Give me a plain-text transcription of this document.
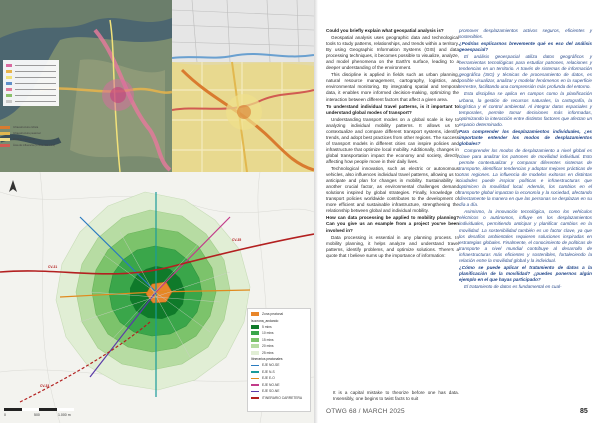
Infraestructura ciclista
Infraestructura peatonal
Zona de transporte
Área de influencia (5 mins / 10 mins)
CV-31
CV-35
CV-33
Zona peatonal
Isocrona_andando
5 mins
10 mins
15 mins
20 mins
25 mins
Itinerarios peatonales
EJE NO-SE
EJE N-S
EJE E-O
EJE NO-NE
EJE SO-NE
ITINERARIO CARRETERA
0	500	1.000 m

Could you briefly explain what geospatial analysis is?

Geospatial analysis uses geographic data and technological tools to study patterns, relationships, and trends within a territory. By using Geographic Information Systems (GIS) and data processing techniques, it becomes possible to visualize, analyze, and model phenomena on the Earth's surface, leading to a deeper understanding of the environment.

This discipline is applied in fields such as urban planning, natural resource management, cartography, logistics, and environmental monitoring. By integrating spatial and temporal data, it enables more informed decision-making, optimizing the interaction between different factors that affect a given area.

To understand individual travel patterns, is it important to understand global modes of transport?

Understanding transport modes on a global scale is key to analyzing individual mobility patterns. It allows us to contextualize and compare different transport systems, identify trends, and adopt best practices from other regions. The success of transport models in different cities can inspire policies and infrastructure that optimize local mobility. Additionally, changes in global transportation impact the economy and society, directly affecting how people move in their daily lives.

Technological innovation, such as electric or autonomous vehicles, also influences individual travel patterns, allowing us to anticipate and plan for changes in mobility. Sustainability is another crucial factor, as environmental challenges demand solutions inspired by global strategies. Finally, knowledge of transport policies worldwide contributes to the development of more efficient and sustainable infrastructure, strengthening the relationship between global and individual mobility.

How can data processing be applied to mobility planning? Can you give us an example from a project you've been involved in?

Data processing is essential in any planning process. In mobility planning, it helps analyze and understand travel patterns, identify problems, and optimize solutions. There's a quote that I believe sums up the importance of information:

It is a capital mistake to theorize before one has data. Insensibly, one begins to twist facts to suit

promover desplazamientos activos seguros, eficientes y sostenibles.

¿Podrías explicarnos brevemente qué es eso del análisis geoespacial?

El análisis geoespacial utiliza datos geográficos y herramientas tecnológicas para estudiar patrones, relaciones y tendencias en un territorio. A través de sistemas de información geográfica (SIG) y técnicas de procesamiento de datos, es posible visualizar, analizar y modelar fenómenos en la superficie terrestre, facilitando una comprensión más profunda del entorno.

Esta disciplina se aplica en campos como la planificación urbana, la gestión de recursos naturales, la cartografía, la logística y el control ambiental. Al integrar datos espaciales y temporales, permite tomar decisiones más informadas, optimizando la interacción entre distintos factores que afectan un espacio determinado.

Para comprender los desplazamientos individuales, ¿es importante entender los modos de desplazamientos globales?

Comprender los modos de desplazamiento a nivel global es clave para analizar los patrones de movilidad individual. Esto permite contextualizar y comparar diferentes sistemas de transporte, identificar tendencias y adoptar mejores prácticas de otras regiones. La influencia de modelos exitosos en distintas ciudades puede inspirar políticas e infraestructuras que optimicen la movilidad local. Además, los cambios en el transporte global impactan la economía y la sociedad, afectando directamente la manera en que las personas se desplazan en su día a día.

Asimismo, la innovación tecnológica, como los vehículos eléctricos o autónomos, influye en los desplazamientos individuales, permitiendo anticipar y planificar cambios en la movilidad. La sostenibilidad también es un factor clave, ya que los desafíos ambientales requieren soluciones inspiradas en estrategias globales. Finalmente, el conocimiento de políticas de transporte a nivel mundial contribuye al desarrollo de infraestructuras más eficientes y sostenibles, fortaleciendo la relación entre la movilidad global y la individual.

¿Cómo se puede aplicar el tratamiento de datos a la planificación de la movilidad? ¿puedes ponernos algún ejemplo en el que hayas participado?

El tratamiento de datos es fundamental en cual-

OTWG 68 / MARCH 2025	85
